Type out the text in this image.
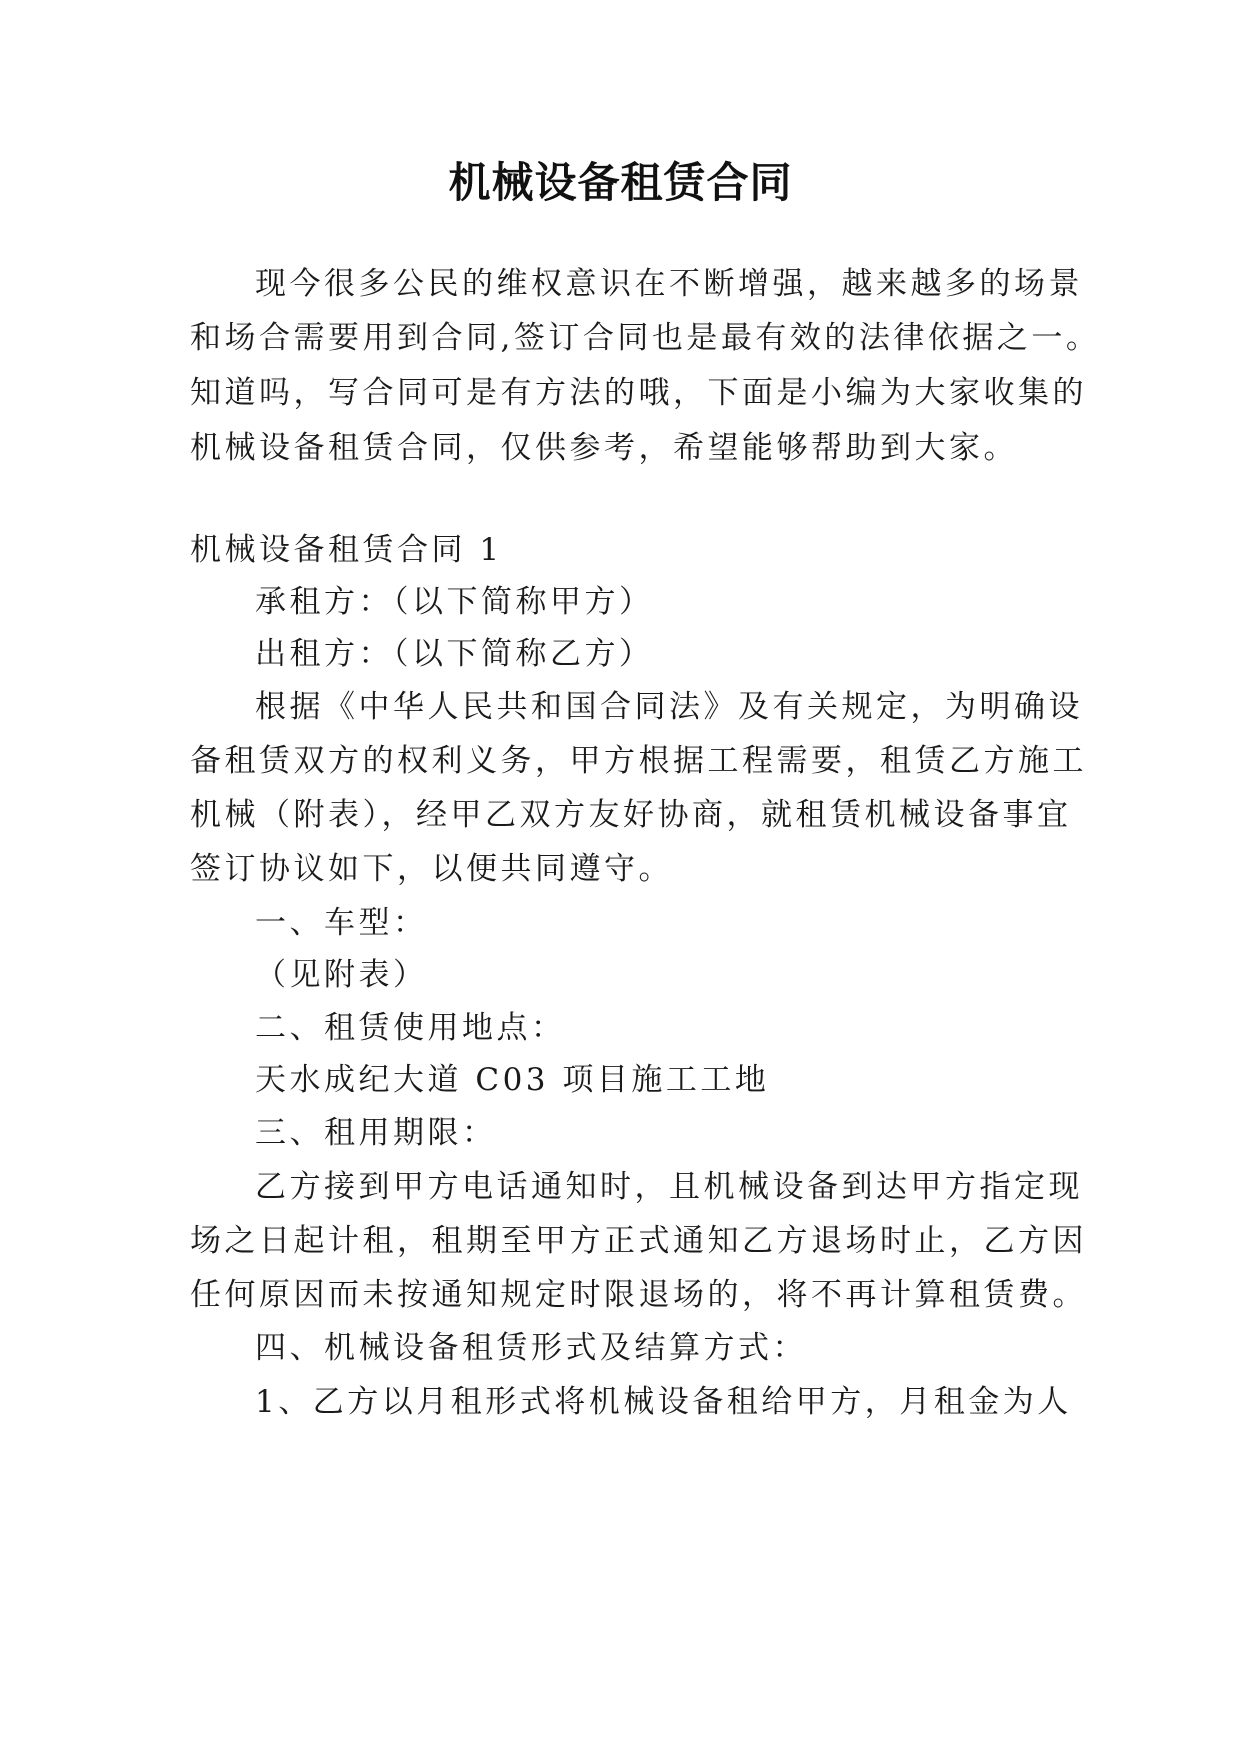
机械设备租赁合同
现今很多公民的维权意识在不断增强，越来越多的场景
和场合需要用到合同,签订合同也是最有效的法律依据之一。
知道吗，写合同可是有方法的哦，下面是小编为大家收集的
机械设备租赁合同，仅供参考，希望能够帮助到大家。
机械设备租赁合同 1
承租方：（以下简称甲方）
出租方：（以下简称乙方）
根据《中华人民共和国合同法》及有关规定，为明确设
备租赁双方的权利义务，甲方根据工程需要，租赁乙方施工
机械（附表），经甲乙双方友好协商，就租赁机械设备事宜
签订协议如下，以便共同遵守。
一、车型：
（见附表）
二、租赁使用地点：
天水成纪大道 C03 项目施工工地
三、租用期限：
乙方接到甲方电话通知时，且机械设备到达甲方指定现
场之日起计租，租期至甲方正式通知乙方退场时止，乙方因
任何原因而未按通知规定时限退场的，将不再计算租赁费。
四、机械设备租赁形式及结算方式：
1、乙方以月租形式将机械设备租给甲方，月租金为人
